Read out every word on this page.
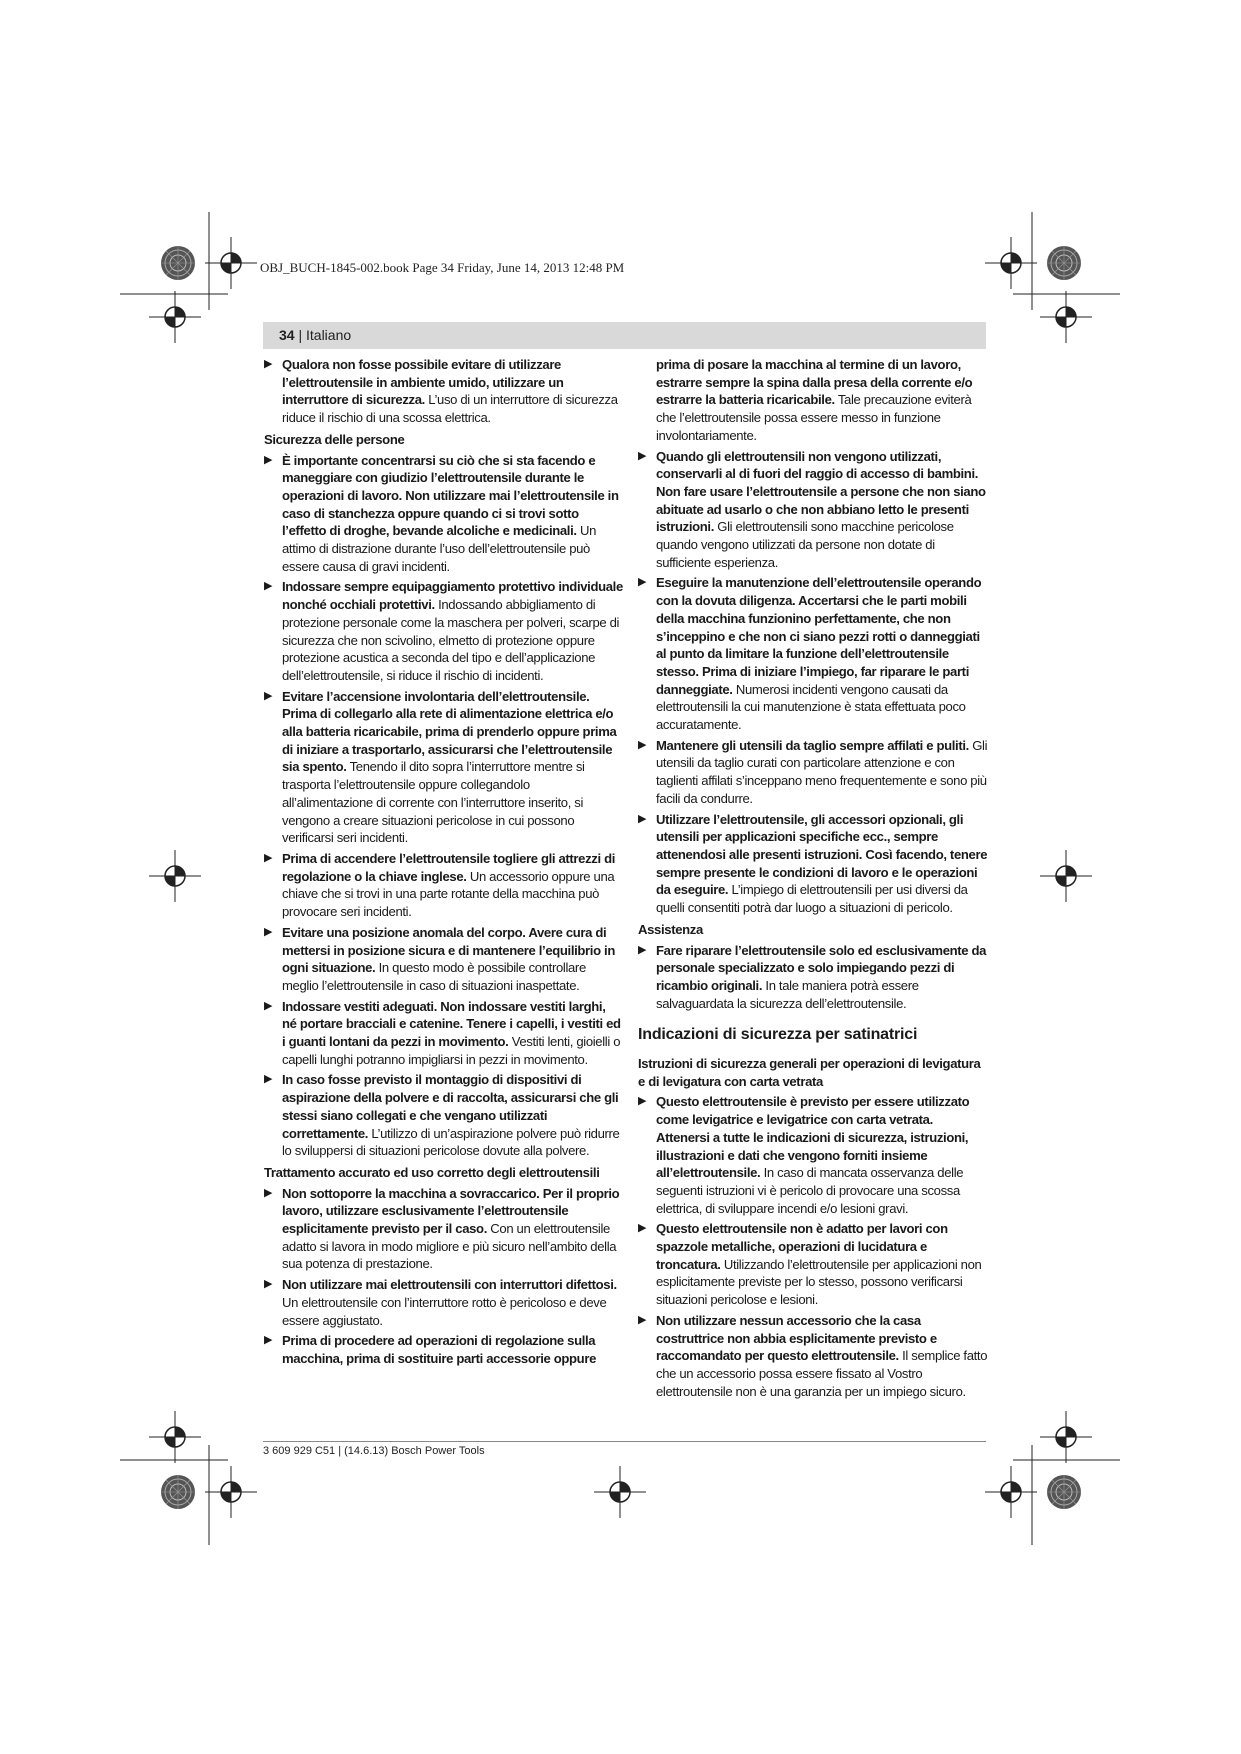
OBJ_BUCH-1845-002.book Page 34 Friday, June 14, 2013 12:48 PM
34 | Italiano
▶ Qualora non fosse possibile evitare di utilizzare l’elettroutensile in ambiente umido, utilizzare un interruttore di sicurezza. L’uso di un interruttore di sicurezza riduce il rischio di una scossa elettrica.
Sicurezza delle persone
▶ È importante concentrarsi su ciò che si sta facendo e maneggiare con giudizio l’elettroutensile durante le operazioni di lavoro. Non utilizzare mai l’elettroutensile in caso di stanchezza oppure quando ci si trovi sotto l’effetto di droghe, bevande alcoliche e medicinali. Un attimo di distrazione durante l’uso dell’elettroutensile può essere causa di gravi incidenti.
▶ Indossare sempre equipaggiamento protettivo individuale nonché occhiali protettivi. Indossando abbigliamento di protezione personale come la maschera per polveri, scarpe di sicurezza che non scivolino, elmetto di protezione oppure protezione acustica a seconda del tipo e dell’applicazione dell’elettroutensile, si riduce il rischio di incidenti.
▶ Evitare l’accensione involontaria dell’elettroutensile. Prima di collegarlo alla rete di alimentazione elettrica e/o alla batteria ricaricabile, prima di prenderlo oppure prima di iniziare a trasportarlo, assicurarsi che l’elettroutensile sia spento. Tenendo il dito sopra l’interruttore mentre si trasporta l’elettroutensile oppure collegandolo all’alimentazione di corrente con l’interruttore inserito, si vengono a creare situazioni pericolose in cui possono verificarsi seri incidenti.
▶ Prima di accendere l’elettroutensile togliere gli attrezzi di regolazione o la chiave inglese. Un accessorio oppure una chiave che si trovi in una parte rotante della macchina può provocare seri incidenti.
▶ Evitare una posizione anomala del corpo. Avere cura di mettersi in posizione sicura e di mantenere l’equilibrio in ogni situazione. In questo modo è possibile controllare meglio l’elettroutensile in caso di situazioni inaspettate.
▶ Indossare vestiti adeguati. Non indossare vestiti larghi, né portare bracciali e catenine. Tenere i capelli, i vestiti ed i guanti lontani da pezzi in movimento. Vestiti lenti, gioielli o capelli lunghi potranno impigliarsi in pezzi in movimento.
▶ In caso fosse previsto il montaggio di dispositivi di aspirazione della polvere e di raccolta, assicurarsi che gli stessi siano collegati e che vengano utilizzati correttamente. L’utilizzo di un’aspirazione polvere può ridurre lo sviluppersi di situazioni pericolose dovute alla polvere.
Trattamento accurato ed uso corretto degli elettroutensili
▶ Non sottoporre la macchina a sovraccarico. Per il proprio lavoro, utilizzare esclusivamente l’elettroutensile esplicitamente previsto per il caso. Con un elettroutensile adatto si lavora in modo migliore e più sicuro nell’ambito della sua potenza di prestazione.
▶ Non utilizzare mai elettroutensili con interruttori difettosi. Un elettroutensile con l’interruttore rotto è pericoloso e deve essere aggiustato.
▶ Prima di procedere ad operazioni di regolazione sulla macchina, prima di sostituire parti accessorie oppure
prima di posare la macchina al termine di un lavoro, estrarre sempre la spina dalla presa della corrente e/o estrarre la batteria ricaricabile. Tale precauzione eviterà che l’elettroutensile possa essere messo in funzione involontariamente.
▶ Quando gli elettroutensili non vengono utilizzati, conservarli al di fuori del raggio di accesso di bambini. Non fare usare l’elettroutensile a persone che non siano abituate ad usarlo o che non abbiano letto le presenti istruzioni. Gli elettroutensili sono macchine pericolose quando vengono utilizzati da persone non dotate di sufficiente esperienza.
▶ Eseguire la manutenzione dell’elettroutensile operando con la dovuta diligenza. Accertarsi che le parti mobili della macchina funzionino perfettamente, che non s’inceppino e che non ci siano pezzi rotti o danneggiati al punto da limitare la funzione dell’elettroutensile stesso. Prima di iniziare l’impiego, far riparare le parti danneggiate. Numerosi incidenti vengono causati da elettroutensili la cui manutenzione è stata effettuata poco accuratamente.
▶ Mantenere gli utensili da taglio sempre affilati e puliti. Gli utensili da taglio curati con particolare attenzione e con taglienti affilati s’inceppano meno frequentemente e sono più facili da condurre.
▶ Utilizzare l’elettroutensile, gli accessori opzionali, gli utensili per applicazioni specifiche ecc., sempre attenendosi alle presenti istruzioni. Così facendo, tenere sempre presente le condizioni di lavoro e le operazioni da eseguire. L’impiego di elettroutensili per usi diversi da quelli consentiti potrà dar luogo a situazioni di pericolo.
Assistenza
▶ Fare riparare l’elettroutensile solo ed esclusivamente da personale specializzato e solo impiegando pezzi di ricambio originali. In tale maniera potrà essere salvaguardata la sicurezza dell’elettroutensile.
Indicazioni di sicurezza per satinatrici
Istruzioni di sicurezza generali per operazioni di levigatura e di levigatura con carta vetrata
▶ Questo elettroutensile è previsto per essere utilizzato come levigatrice e levigatrice con carta vetrata. Attenersi a tutte le indicazioni di sicurezza, istruzioni, illustrazioni e dati che vengono forniti insieme all’elettroutensile. In caso di mancata osservanza delle seguenti istruzioni vi è pericolo di provocare una scossa elettrica, di sviluppare incendi e/o lesioni gravi.
▶ Questo elettroutensile non è adatto per lavori con spazzole metalliche, operazioni di lucidatura e troncatura. Utilizzando l’elettroutensile per applicazioni non esplicitamente previste per lo stesso, possono verificarsi situazioni pericolose e lesioni.
▶ Non utilizzare nessun accessorio che la casa costruttrice non abbia esplicitamente previsto e raccomandato per questo elettroutensile. Il semplice fatto che un accessorio possa essere fissato al Vostro elettroutensile non è una garanzia per un impiego sicuro.
3 609 929 C51 | (14.6.13) Bosch Power Tools
